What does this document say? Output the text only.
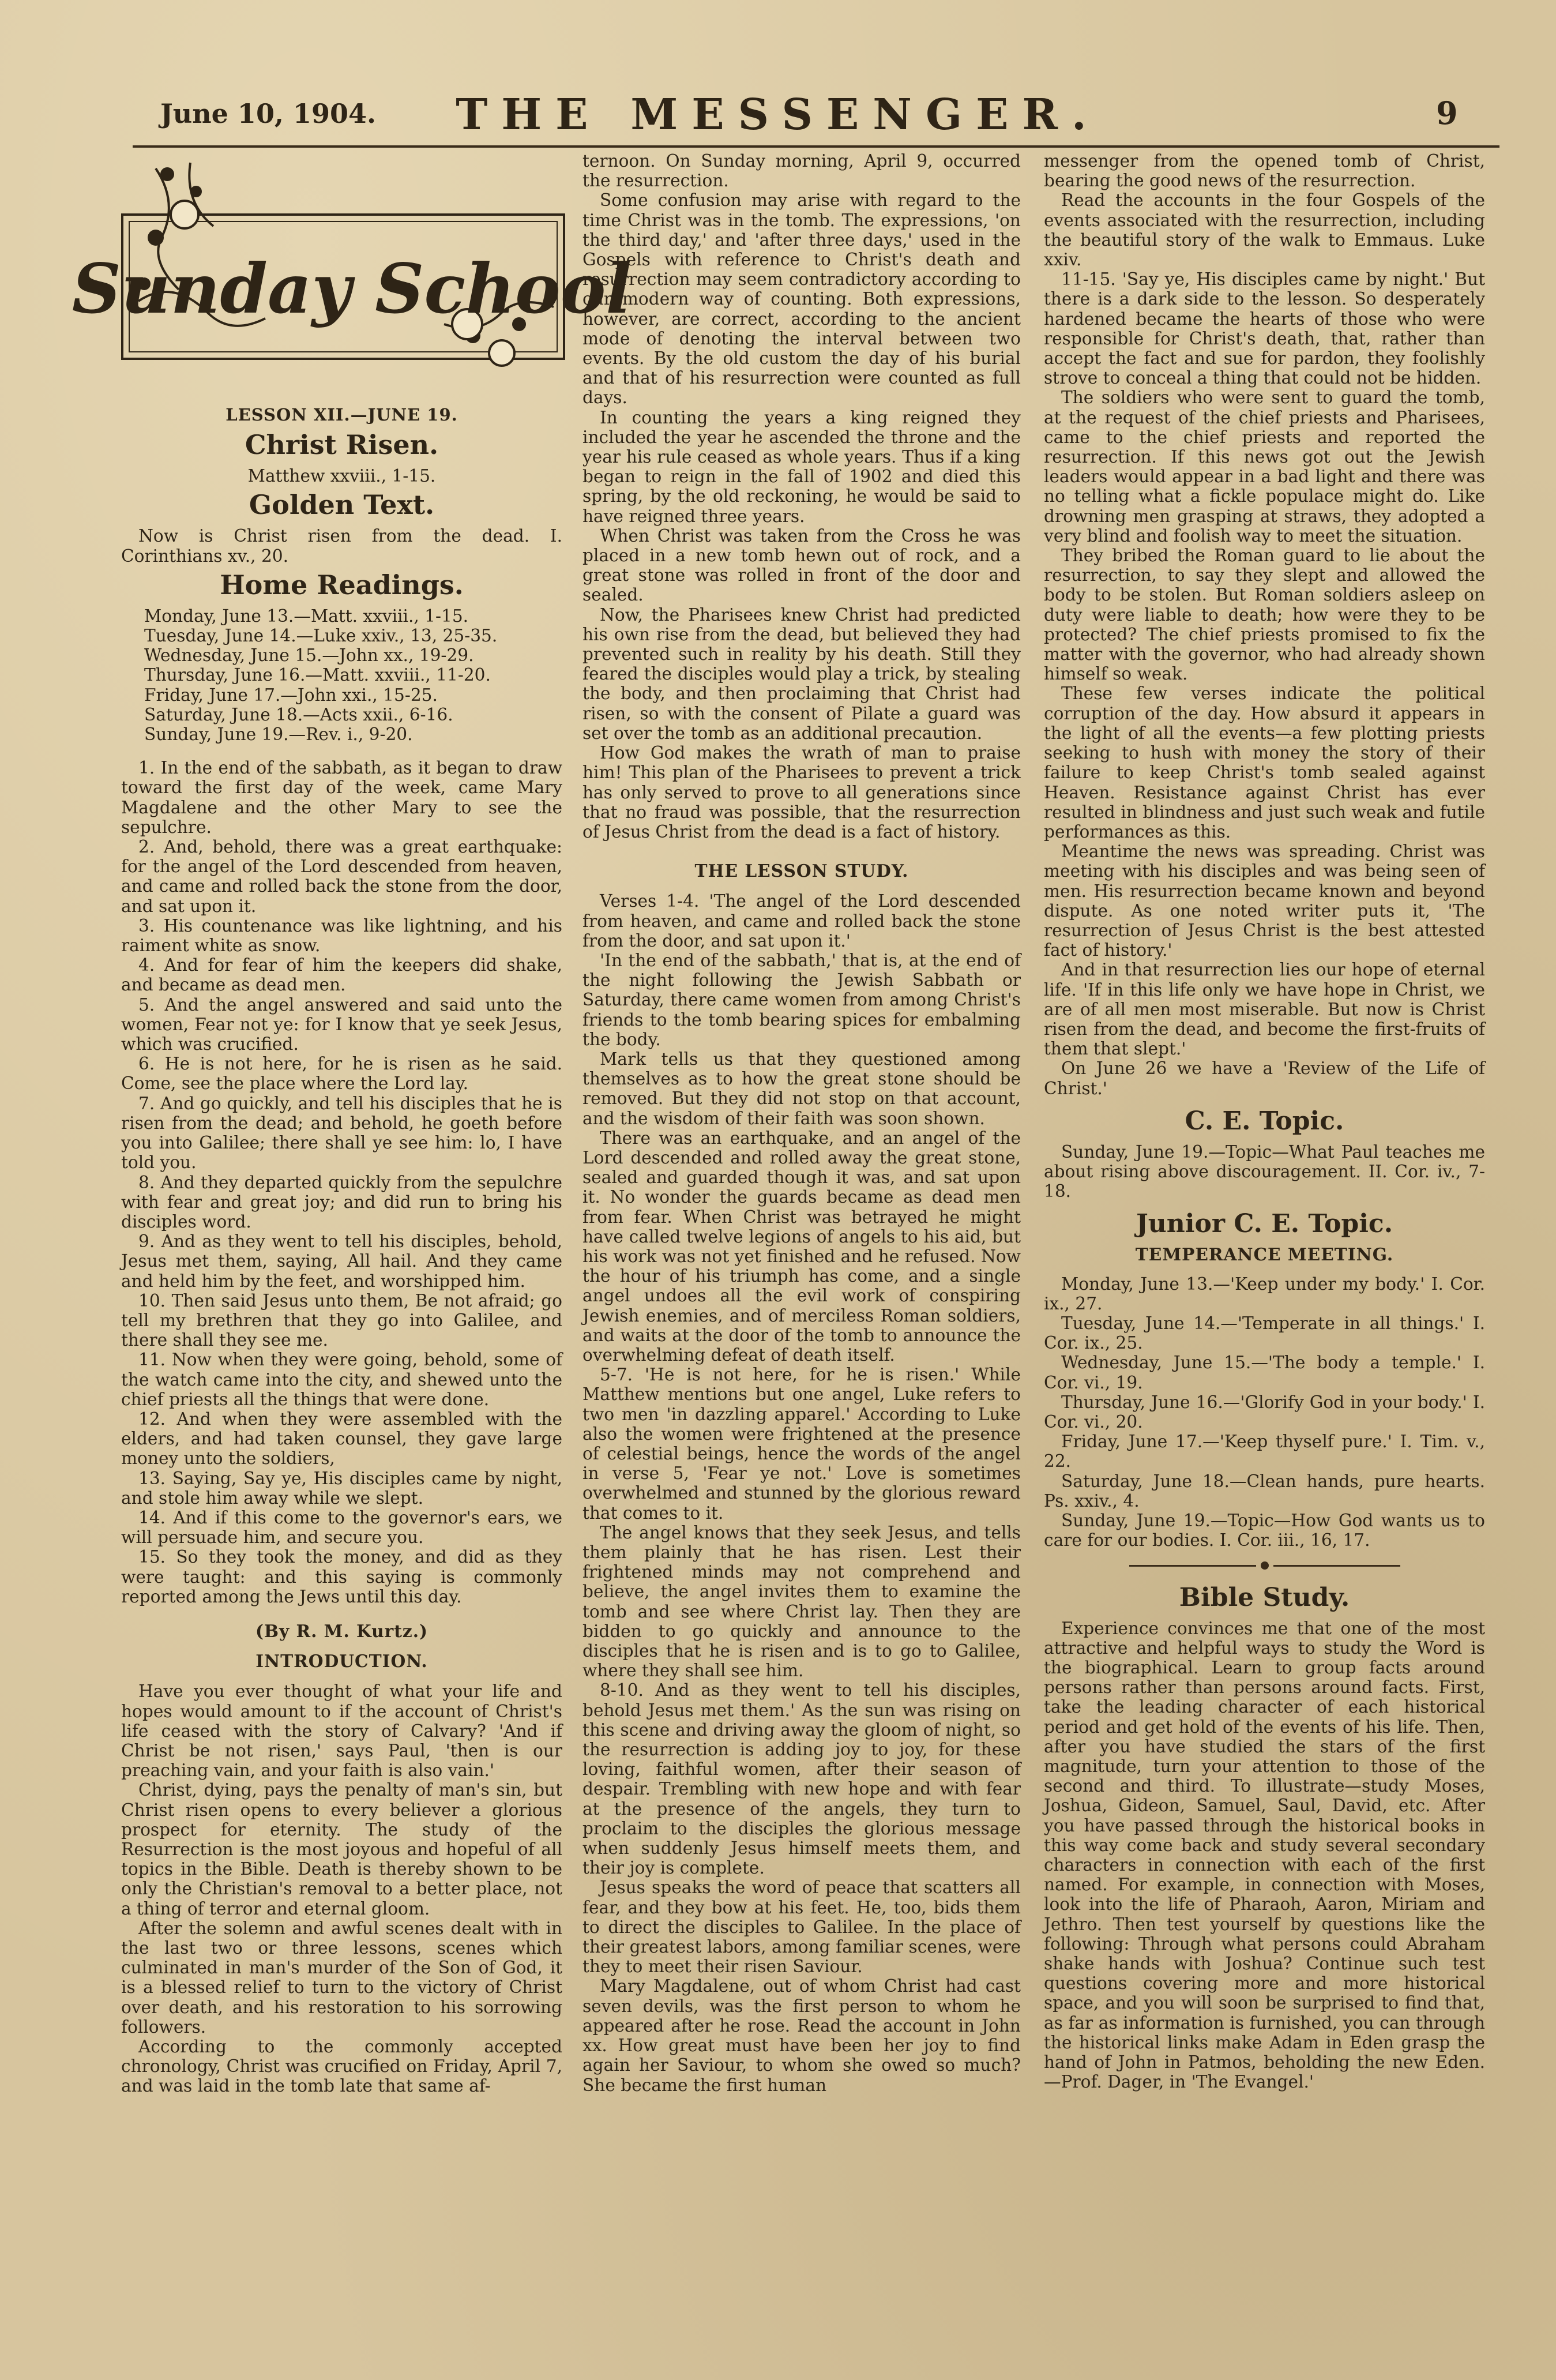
June 10, 1904.	THE MESSENGER.	9
Sunday School
LESSON XII.—JUNE 19.
Christ Risen.

Matthew xxviii., 1-15.

Golden Text.

Now is Christ risen from the dead. I. Corinthians xv., 20.

Home Readings.

Monday, June 13.—Matt. xxviii., 1-15.

Tuesday, June 14.—Luke xxiv., 13, 25-35.

Wednesday, June 15.—John xx., 19-29.

Thursday, June 16.—Matt. xxviii., 11-20.

Friday, June 17.—John xxi., 15-25.

Saturday, June 18.—Acts xxii., 6-16.

Sunday, June 19.—Rev. i., 9-20.

1. In the end of the sabbath, as it began to draw toward the first day of the week, came Mary Magdalene and the other Mary to see the sepulchre.

2. And, behold, there was a great earthquake: for the angel of the Lord descended from heaven, and came and rolled back the stone from the door, and sat upon it.

3. His countenance was like lightning, and his raiment white as snow.

4. And for fear of him the keepers did shake, and became as dead men.

5. And the angel answered and said unto the women, Fear not ye: for I know that ye seek Jesus, which was crucified.

6. He is not here, for he is risen as he said. Come, see the place where the Lord lay.

7. And go quickly, and tell his disciples that he is risen from the dead; and behold, he goeth before you into Galilee; there shall ye see him: lo, I have told you.

8. And they departed quickly from the sepulchre with fear and great joy; and did run to bring his disciples word.

9. And as they went to tell his disciples, behold, Jesus met them, saying, All hail. And they came and held him by the feet, and worshipped him.

10. Then said Jesus unto them, Be not afraid; go tell my brethren that they go into Galilee, and there shall they see me.

11. Now when they were going, behold, some of the watch came into the city, and shewed unto the chief priests all the things that were done.

12. And when they were assembled with the elders, and had taken counsel, they gave large money unto the soldiers,

13. Saying, Say ye, His disciples came by night, and stole him away while we slept.

14. And if this come to the governor's ears, we will persuade him, and secure you.

15. So they took the money, and did as they were taught: and this saying is commonly reported among the Jews until this day.

(By R. M. Kurtz.)

INTRODUCTION.

Have you ever thought of what your life and hopes would amount to if the account of Christ's life ceased with the story of Calvary? 'And if Christ be not risen,' says Paul, 'then is our preaching vain, and your faith is also vain.'

Christ, dying, pays the penalty of man's sin, but Christ risen opens to every believer a glorious prospect for eternity. The study of the Resurrection is the most joyous and hopeful of all topics in the Bible. Death is thereby shown to be only the Christian's removal to a better place, not a thing of terror and eternal gloom.

After the solemn and awful scenes dealt with in the last two or three lessons, scenes which culminated in man's murder of the Son of God, it is a blessed relief to turn to the victory of Christ over death, and his restoration to his sorrowing followers.

According to the commonly accepted chronology, Christ was crucified on Friday, April 7, and was laid in the tomb late that same af-

ternoon. On Sunday morning, April 9, occurred the resurrection.

Some confusion may arise with regard to the time Christ was in the tomb. The expressions, 'on the third day,' and 'after three days,' used in the Gospels with reference to Christ's death and resurrection may seem contradictory according to our modern way of counting. Both expressions, however, are correct, according to the ancient mode of denoting the interval between two events. By the old custom the day of his burial and that of his resurrection were counted as full days.

In counting the years a king reigned they included the year he ascended the throne and the year his rule ceased as whole years. Thus if a king began to reign in the fall of 1902 and died this spring, by the old reckoning, he would be said to have reigned three years.

When Christ was taken from the Cross he was placed in a new tomb hewn out of rock, and a great stone was rolled in front of the door and sealed.

Now, the Pharisees knew Christ had predicted his own rise from the dead, but believed they had prevented such in reality by his death. Still they feared the disciples would play a trick, by stealing the body, and then proclaiming that Christ had risen, so with the consent of Pilate a guard was set over the tomb as an additional precaution.

How God makes the wrath of man to praise him! This plan of the Pharisees to prevent a trick has only served to prove to all generations since that no fraud was possible, that the resurrection of Jesus Christ from the dead is a fact of history.

THE LESSON STUDY.

Verses 1-4. 'The angel of the Lord descended from heaven, and came and rolled back the stone from the door, and sat upon it.'

'In the end of the sabbath,' that is, at the end of the night following the Jewish Sabbath or Saturday, there came women from among Christ's friends to the tomb bearing spices for embalming the body.

Mark tells us that they questioned among themselves as to how the great stone should be removed. But they did not stop on that account, and the wisdom of their faith was soon shown.

There was an earthquake, and an angel of the Lord descended and rolled away the great stone, sealed and guarded though it was, and sat upon it. No wonder the guards became as dead men from fear. When Christ was betrayed he might have called twelve legions of angels to his aid, but his work was not yet finished and he refused. Now the hour of his triumph has come, and a single angel undoes all the evil work of conspiring Jewish enemies, and of merciless Roman soldiers, and waits at the door of the tomb to announce the overwhelming defeat of death itself.

5-7. 'He is not here, for he is risen.' While Matthew mentions but one angel, Luke refers to two men 'in dazzling apparel.' According to Luke also the women were frightened at the presence of celestial beings, hence the words of the angel in verse 5, 'Fear ye not.' Love is sometimes overwhelmed and stunned by the glorious reward that comes to it.

The angel knows that they seek Jesus, and tells them plainly that he has risen. Lest their frightened minds may not comprehend and believe, the angel invites them to examine the tomb and see where Christ lay. Then they are bidden to go quickly and announce to the disciples that he is risen and is to go to Galilee, where they shall see him.

8-10. And as they went to tell his disciples, behold Jesus met them.' As the sun was rising on this scene and driving away the gloom of night, so the resurrection is adding joy to joy, for these loving, faithful women, after their season of despair. Trembling with new hope and with fear at the presence of the angels, they turn to proclaim to the disciples the glorious message when suddenly Jesus himself meets them, and their joy is complete.

Jesus speaks the word of peace that scatters all fear, and they bow at his feet. He, too, bids them to direct the disciples to Galilee. In the place of their greatest labors, among familiar scenes, were they to meet their risen Saviour.

Mary Magdalene, out of whom Christ had cast seven devils, was the first person to whom he appeared after he rose. Read the account in John xx. How great must have been her joy to find again her Saviour, to whom she owed so much? She became the first human

messenger from the opened tomb of Christ, bearing the good news of the resurrection.

Read the accounts in the four Gospels of the events associated with the resurrection, including the beautiful story of the walk to Emmaus. Luke xxiv.

11-15. 'Say ye, His disciples came by night.' But there is a dark side to the lesson. So desperately hardened became the hearts of those who were responsible for Christ's death, that, rather than accept the fact and sue for pardon, they foolishly strove to conceal a thing that could not be hidden.

The soldiers who were sent to guard the tomb, at the request of the chief priests and Pharisees, came to the chief priests and reported the resurrection. If this news got out the Jewish leaders would appear in a bad light and there was no telling what a fickle populace might do. Like drowning men grasping at straws, they adopted a very blind and foolish way to meet the situation.

They bribed the Roman guard to lie about the resurrection, to say they slept and allowed the body to be stolen. But Roman soldiers asleep on duty were liable to death; how were they to be protected? The chief priests promised to fix the matter with the governor, who had already shown himself so weak.

These few verses indicate the political corruption of the day. How absurd it appears in the light of all the events—a few plotting priests seeking to hush with money the story of their failure to keep Christ's tomb sealed against Heaven. Resistance against Christ has ever resulted in blindness and just such weak and futile performances as this.

Meantime the news was spreading. Christ was meeting with his disciples and was being seen of men. His resurrection became known and beyond dispute. As one noted writer puts it, 'The resurrection of Jesus Christ is the best attested fact of history.'

And in that resurrection lies our hope of eternal life. 'If in this life only we have hope in Christ, we are of all men most miserable. But now is Christ risen from the dead, and become the first-fruits of them that slept.'

On June 26 we have a 'Review of the Life of Christ.'

C. E. Topic.

Sunday, June 19.—Topic—What Paul teaches me about rising above discouragement. II. Cor. iv., 7-18.

Junior C. E. Topic.

TEMPERANCE MEETING.

Monday, June 13.—'Keep under my body.' I. Cor. ix., 27.

Tuesday, June 14.—'Temperate in all things.' I. Cor. ix., 25.

Wednesday, June 15.—'The body a temple.' I. Cor. vi., 19.

Thursday, June 16.—'Glorify God in your body.' I. Cor. vi., 20.

Friday, June 17.—'Keep thyself pure.' I. Tim. v., 22.

Saturday, June 18.—Clean hands, pure hearts. Ps. xxiv., 4.

Sunday, June 19.—Topic—How God wants us to care for our bodies. I. Cor. iii., 16, 17.

Bible Study.

Experience convinces me that one of the most attractive and helpful ways to study the Word is the biographical. Learn to group facts around persons rather than persons around facts. First, take the leading character of each historical period and get hold of the events of his life. Then, after you have studied the stars of the first magnitude, turn your attention to those of the second and third. To illustrate—study Moses, Joshua, Gideon, Samuel, Saul, David, etc. After you have passed through the historical books in this way come back and study several secondary characters in connection with each of the first named. For example, in connection with Moses, look into the life of Pharaoh, Aaron, Miriam and Jethro. Then test yourself by questions like the following: Through what persons could Abraham shake hands with Joshua? Continue such test questions covering more and more historical space, and you will soon be surprised to find that, as far as information is furnished, you can through the historical links make Adam in Eden grasp the hand of John in Patmos, beholding the new Eden.—Prof. Dager, in 'The Evangel.'
